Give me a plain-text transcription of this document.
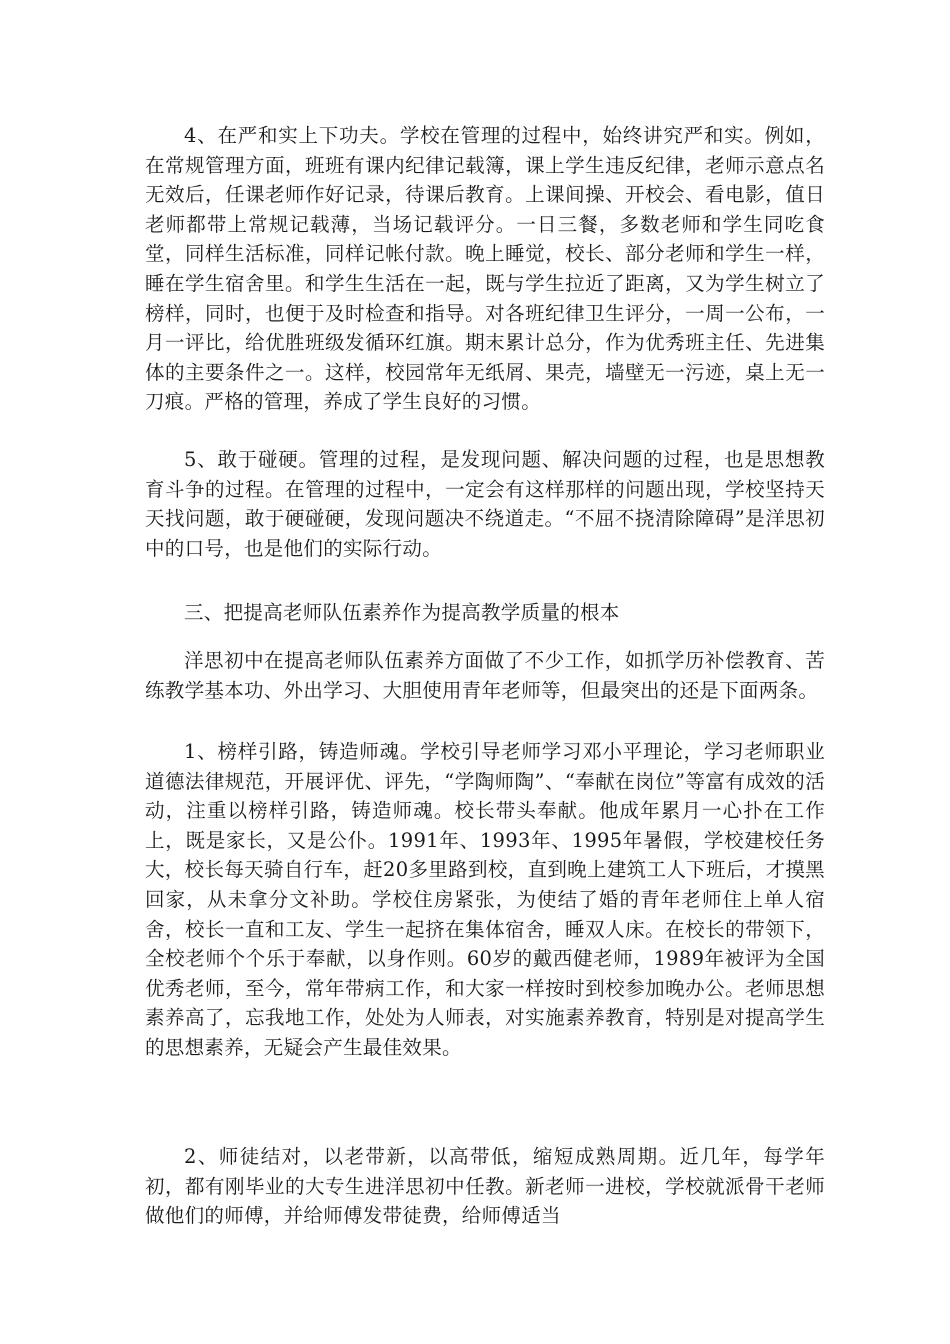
4、在严和实上下功夫。学校在管理的过程中，始终讲究严和实。例如，在常规管理方面，班班有课内纪律记载簿，课上学生违反纪律，老师示意点名无效后，任课老师作好记录，待课后教育。上课间操、开校会、看电影，值日老师都带上常规记载薄，当场记载评分。一日三餐，多数老师和学生同吃食堂，同样生活标准，同样记帐付款。晚上睡觉，校长、部分老师和学生一样，睡在学生宿舍里。和学生生活在一起，既与学生拉近了距离，又为学生树立了榜样，同时，也便于及时检查和指导。对各班纪律卫生评分，一周一公布，一月一评比，给优胜班级发循环红旗。期末累计总分，作为优秀班主任、先进集体的主要条件之一。这样，校园常年无纸屑、果壳，墙壁无一污迹，桌上无一刀痕。严格的管理，养成了学生良好的习惯。

5、敢于碰硬。管理的过程，是发现问题、解决问题的过程，也是思想教育斗争的过程。在管理的过程中，一定会有这样那样的问题出现，学校坚持天天找问题，敢于硬碰硬，发现问题决不绕道走。“不屈不挠清除障碍”是洋思初中的口号，也是他们的实际行动。

三、把提高老师队伍素养作为提高教学质量的根本

洋思初中在提高老师队伍素养方面做了不少工作，如抓学历补偿教育、苦练教学基本功、外出学习、大胆使用青年老师等，但最突出的还是下面两条。

1、榜样引路，铸造师魂。学校引导老师学习邓小平理论，学习老师职业道德法律规范，开展评优、评先，“学陶师陶”、“奉献在岗位”等富有成效的活动，注重以榜样引路，铸造师魂。校长带头奉献。他成年累月一心扑在工作上，既是家长，又是公仆。1991年、1993年、1995年暑假，学校建校任务大，校长每天骑自行车，赶20多里路到校，直到晚上建筑工人下班后，才摸黑回家，从未拿分文补助。学校住房紧张，为使结了婚的青年老师住上单人宿舍，校长一直和工友、学生一起挤在集体宿舍，睡双人床。在校长的带领下，全校老师个个乐于奉献，以身作则。60岁的戴西健老师，1989年被评为全国优秀老师，至今，常年带病工作，和大家一样按时到校参加晚办公。老师思想素养高了，忘我地工作，处处为人师表，对实施素养教育，特别是对提高学生的思想素养，无疑会产生最佳效果。

2、师徒结对，以老带新，以高带低，缩短成熟周期。近几年，每学年初，都有刚毕业的大专生进洋思初中任教。新老师一进校，学校就派骨干老师做他们的师傅，并给师傅发带徒费，给师傅适当
